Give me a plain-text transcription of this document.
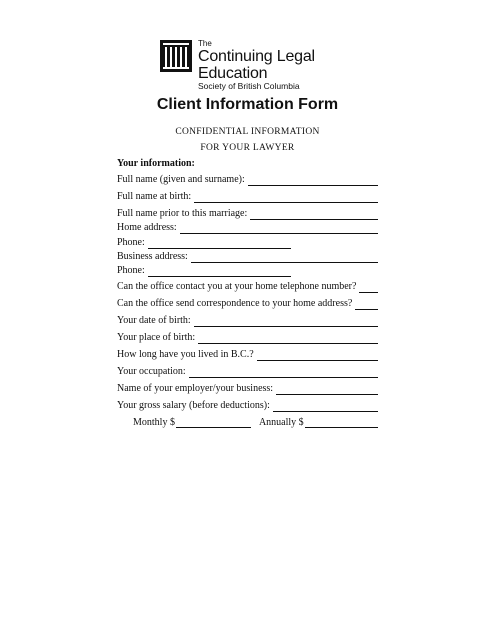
The
Continuing Legal Education
Society of British Columbia
Client Information Form
CONFIDENTIAL INFORMATION
FOR YOUR LAWYER
Your information:
Full name (given and surname):
Full name at birth:
Full name prior to this marriage:
Home address:
Phone:
Business address:
Phone:
Can the office contact you at your home telephone number?
Can the office send correspondence to your home address?
Your date of birth:
Your place of birth:
How long have you lived in B.C.?
Your occupation:
Name of your employer/your business:
Your gross salary (before deductions):
Monthly $	Annually $
